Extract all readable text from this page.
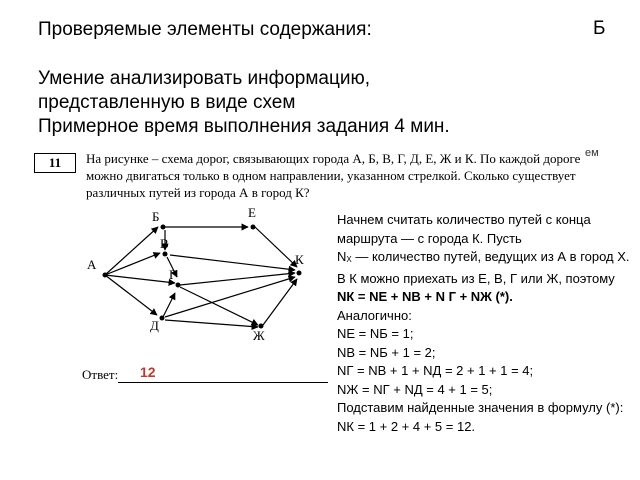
Проверяемые элементы содержания:	Б
Умение анализировать информацию,
представленную в виде схем
Примерное время выполнения задания 4 мин.
ем
11	На рисунке – схема дорог, связывающих города А, Б, В, Г, Д, Е, Ж и К. По каждой дороге можно двигаться только в одном направлении, указанном стрелкой. Сколько существует различных путей из города А в город К?
А
Б
В
Г
Д
Е
Ж
К
Ответ: 12

Начнем считать количество путей с конца маршрута — с города К. Пусть

NX — количество путей, ведущих из А в город Х. В К можно приехать из Е, В, Г или Ж, поэтому

NК = NЕ + NВ + N Г + NЖ (*).

Аналогично:

NЕ = NБ = 1;

NВ = NБ + 1 = 2;

NГ = NВ + 1 + NД = 2 + 1 + 1 = 4;

NЖ = NГ + NД = 4 + 1 = 5;

Подставим найденные значения в формулу (*):

NК = 1 + 2 + 4 + 5 = 12.
